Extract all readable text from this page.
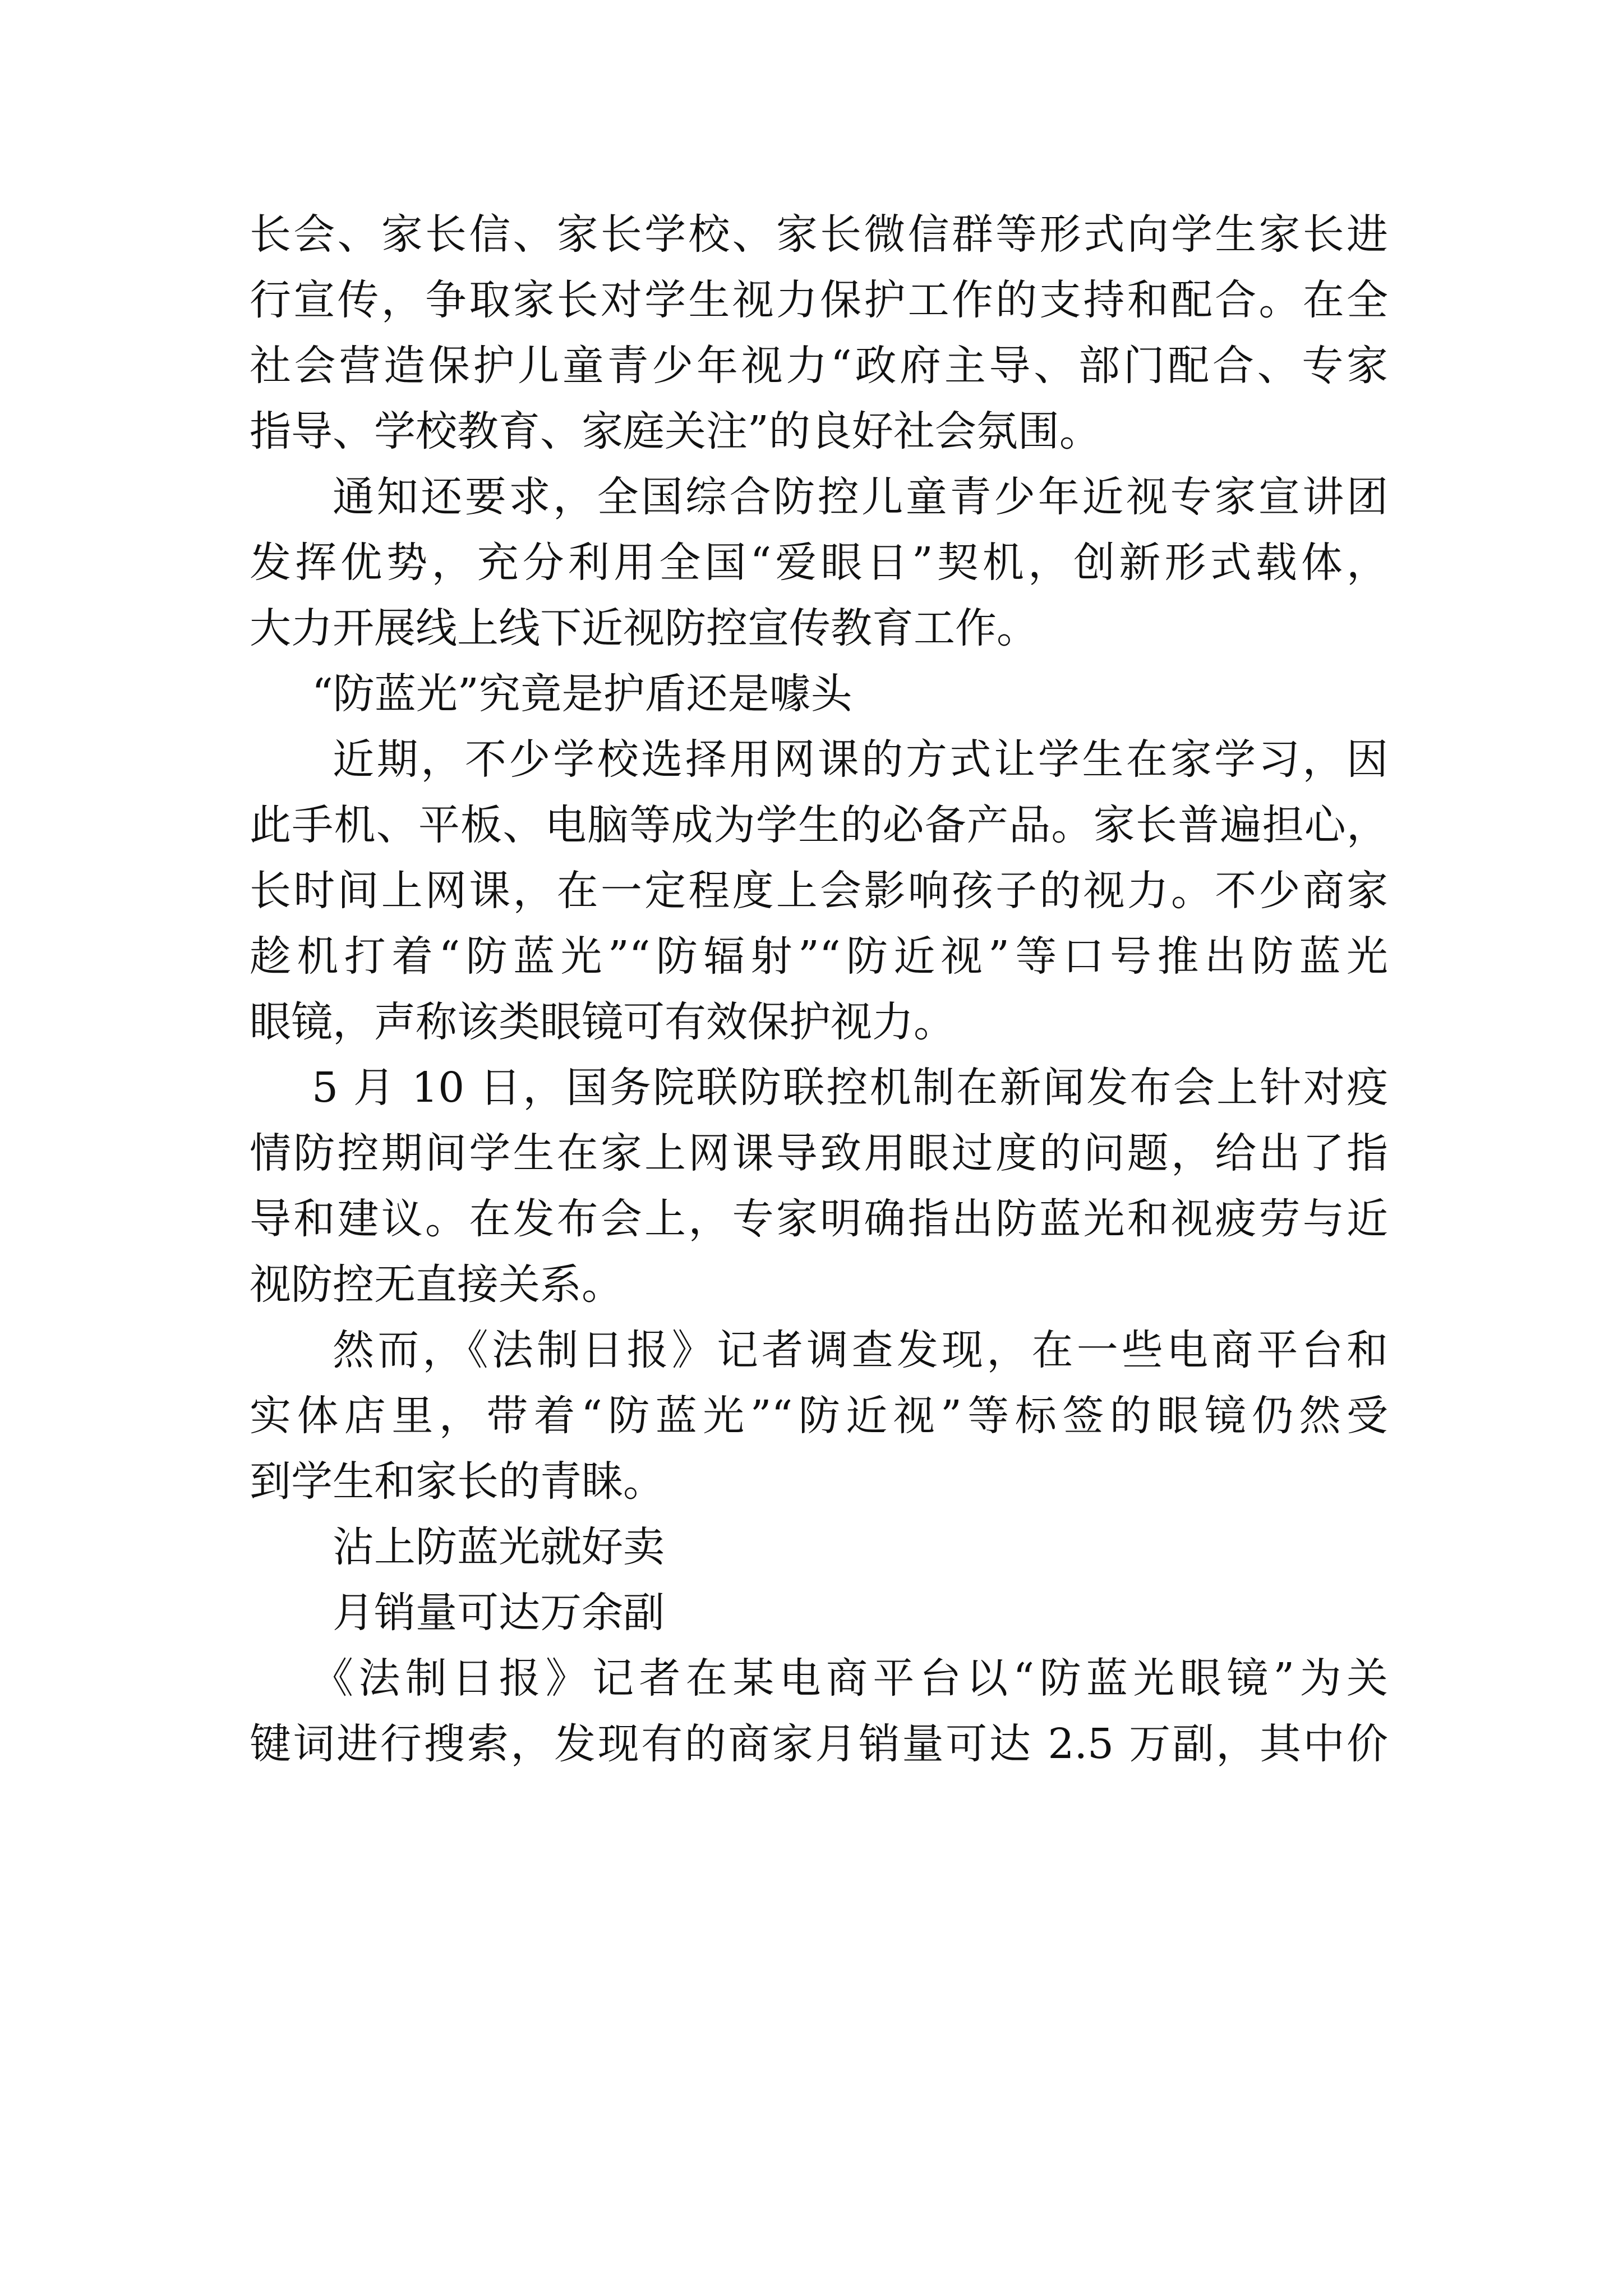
长会、家长信、家长学校、家长微信群等形式向学生家长进
行宣传，争取家长对学生视力保护工作的支持和配合。在全
社会营造保护儿童青少年视力“政府主导、部门配合、专家
指导、学校教育、家庭关注”的良好社会氛围。
通知还要求，全国综合防控儿童青少年近视专家宣讲团
发挥优势，充分利用全国“爱眼日”契机，创新形式载体，
大力开展线上线下近视防控宣传教育工作。
“防蓝光”究竟是护盾还是噱头
近期，不少学校选择用网课的方式让学生在家学习，因
此手机、平板、电脑等成为学生的必备产品。家长普遍担心，
长时间上网课，在一定程度上会影响孩子的视力。不少商家
趁机打着“防蓝光”“防辐射”“防近视”等口号推出防蓝光
眼镜，声称该类眼镜可有效保护视力。
5 月 10 日，国务院联防联控机制在新闻发布会上针对疫
情防控期间学生在家上网课导致用眼过度的问题，给出了指
导和建议。在发布会上，专家明确指出防蓝光和视疲劳与近
视防控无直接关系。
然而，《法制日报》记者调查发现，在一些电商平台和
实体店里，带着“防蓝光”“防近视”等标签的眼镜仍然受
到学生和家长的青睐。
沾上防蓝光就好卖
月销量可达万余副
《法制日报》记者在某电商平台以“防蓝光眼镜”为关
键词进行搜索，发现有的商家月销量可达 2.5 万副，其中价
